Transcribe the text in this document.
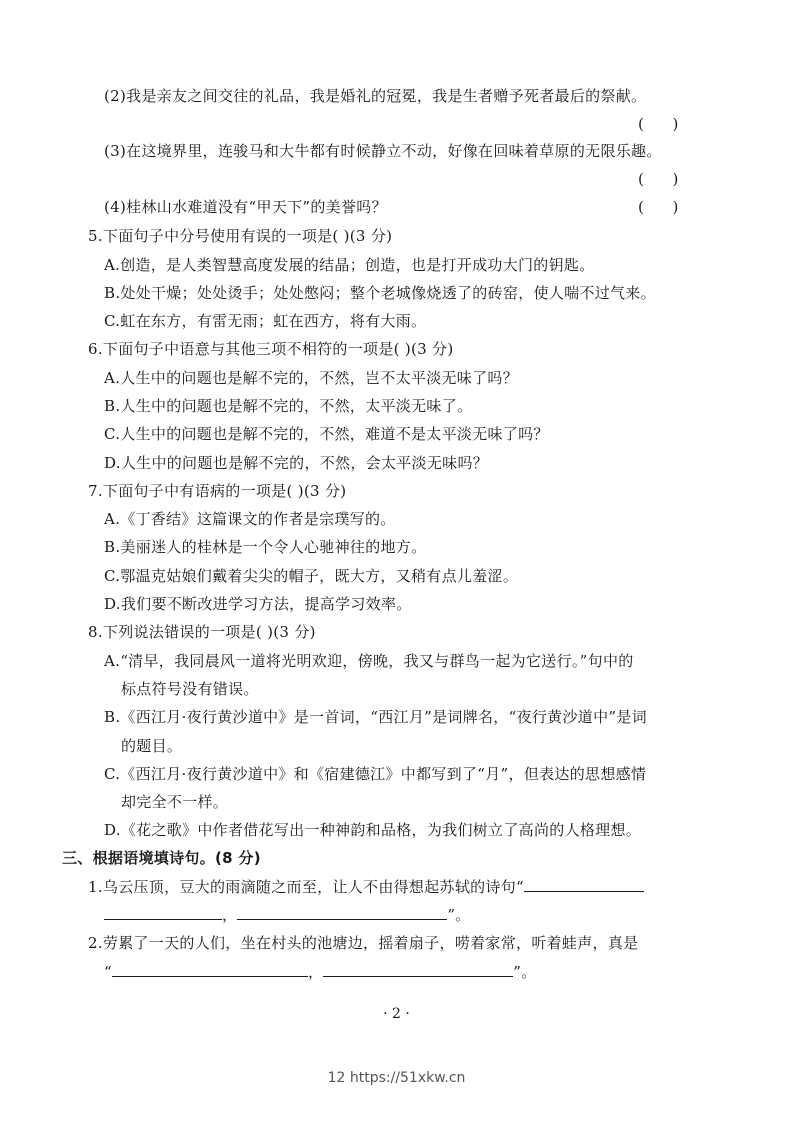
(2)我是亲友之间交往的礼品，我是婚礼的冠冕，我是生者赠予死者最后的祭献。
(      )
(3)在这境界里，连骏马和大牛都有时候静立不动，好像在回味着草原的无限乐趣。
(      )
(4)桂林山水难道没有“甲天下”的美誉吗？	(      )
5.下面句子中分号使用有误的一项是( )(3 分)
A.创造，是人类智慧高度发展的结晶；创造，也是打开成功大门的钥匙。
B.处处干燥；处处烫手；处处憋闷；整个老城像烧透了的砖窑，使人喘不过气来。
C.虹在东方，有雷无雨；虹在西方，将有大雨。
6.下面句子中语意与其他三项不相符的一项是( )(3 分)
A.人生中的问题也是解不完的，不然，岂不太平淡无味了吗？
B.人生中的问题也是解不完的，不然，太平淡无味了。
C.人生中的问题也是解不完的，不然，难道不是太平淡无味了吗？
D.人生中的问题也是解不完的，不然，会太平淡无味吗？
7.下面句子中有语病的一项是( )(3 分)
A.《丁香结》这篇课文的作者是宗璞写的。
B.美丽迷人的桂林是一个令人心驰神往的地方。
C.鄂温克姑娘们戴着尖尖的帽子，既大方，又稍有点儿羞涩。
D.我们要不断改进学习方法，提高学习效率。
8.下列说法错误的一项是( )(3 分)
A.“清早，我同晨风一道将光明欢迎，傍晚，我又与群鸟一起为它送行。”句中的
标点符号没有错误。
B.《西江月·夜行黄沙道中》是一首词，“西江月”是词牌名，“夜行黄沙道中”是词
的题目。
C.《西江月·夜行黄沙道中》和《宿建德江》中都写到了“月”，但表达的思想感情
却完全不一样。
D.《花之歌》中作者借花写出一种神韵和品格，为我们树立了高尚的人格理想。
三、根据语境填诗句。(8 分)
1.乌云压顶，豆大的雨滴随之而至，让人不由得想起苏轼的诗句“
，	”。
2.劳累了一天的人们，坐在村头的池塘边，摇着扇子，唠着家常，听着蛙声，真是
“	，	”。
· 2 ·
12 https://51xkw.cn
